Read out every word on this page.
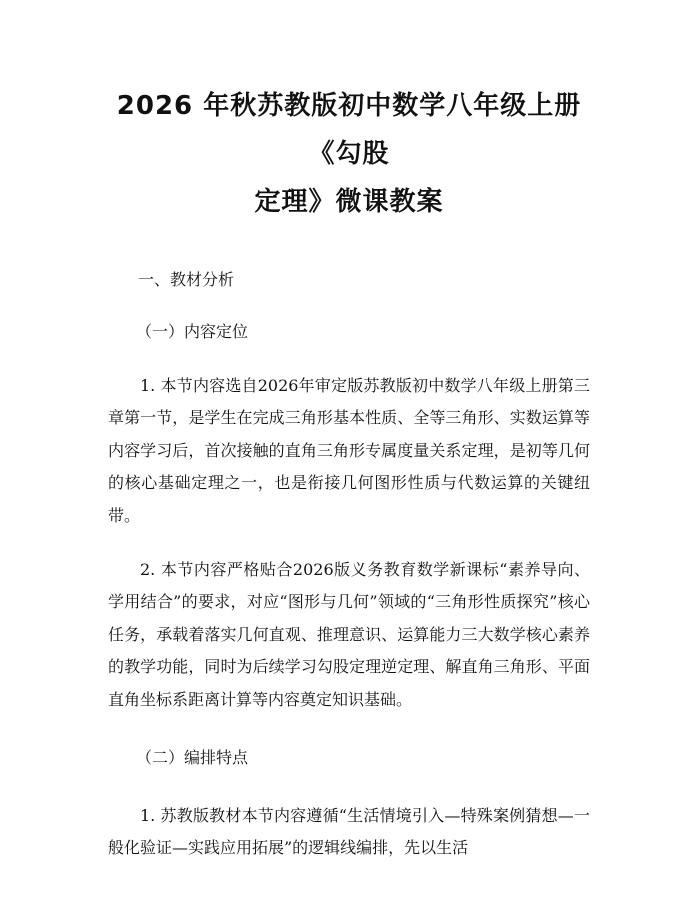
2026 年秋苏教版初中数学八年级上册《勾股
定理》微课教案

一、教材分析

（一）内容定位

1. 本节内容选自2026年审定版苏教版初中数学八年级上册第三章第一节，是学生在完成三角形基本性质、全等三角形、实数运算等内容学习后，首次接触的直角三角形专属度量关系定理，是初等几何的核心基础定理之一，也是衔接几何图形性质与代数运算的关键纽带。

2. 本节内容严格贴合2026版义务教育数学新课标“素养导向、学用结合”的要求，对应“图形与几何”领域的“三角形性质探究”核心任务，承载着落实几何直观、推理意识、运算能力三大数学核心素养的教学功能，同时为后续学习勾股定理逆定理、解直角三角形、平面直角坐标系距离计算等内容奠定知识基础。

（二）编排特点

1. 苏教版教材本节内容遵循“生活情境引入—特殊案例猜想—一般化验证—实践应用拓展”的逻辑线编排，先以生活
